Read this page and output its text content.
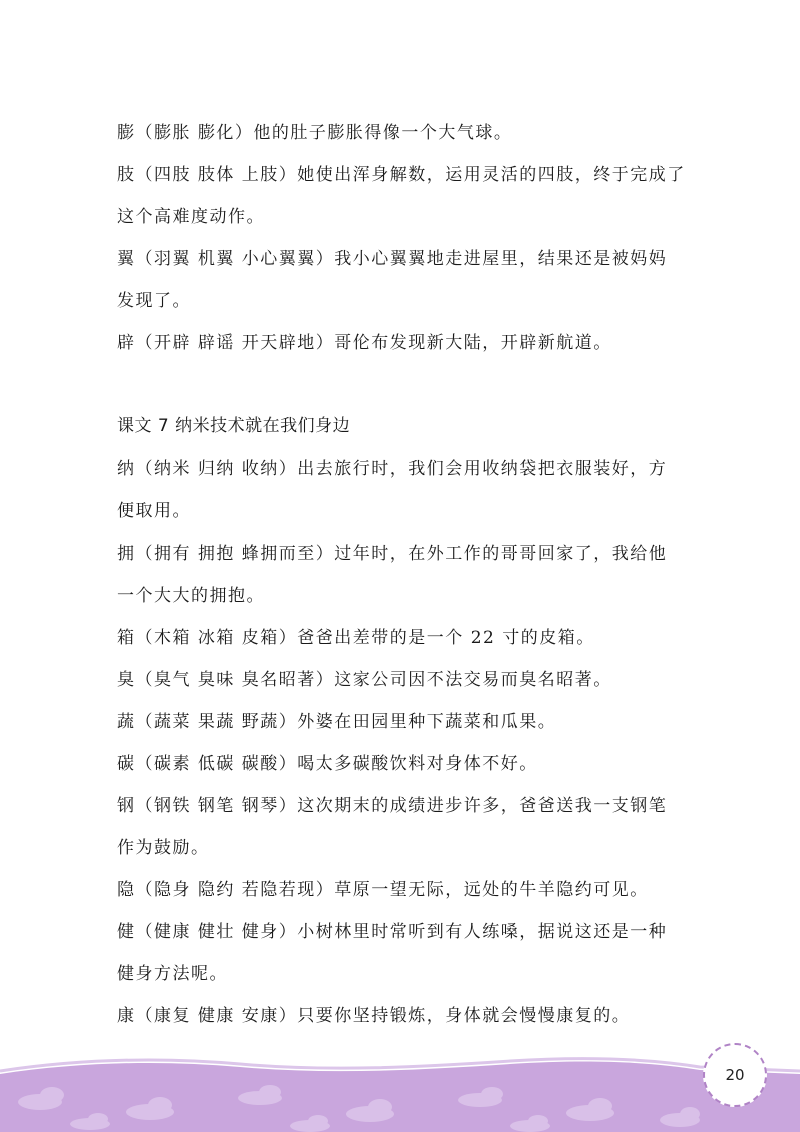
膨（膨胀 膨化）他的肚子膨胀得像一个大气球。

肢（四肢 肢体 上肢）她使出浑身解数，运用灵活的四肢，终于完成了

这个高难度动作。

翼（羽翼 机翼 小心翼翼）我小心翼翼地走进屋里，结果还是被妈妈

发现了。

辟（开辟 辟谣 开天辟地）哥伦布发现新大陆，开辟新航道。

课文 7 纳米技术就在我们身边

纳（纳米 归纳 收纳）出去旅行时，我们会用收纳袋把衣服装好，方

便取用。

拥（拥有 拥抱 蜂拥而至）过年时，在外工作的哥哥回家了，我给他

一个大大的拥抱。

箱（木箱 冰箱 皮箱）爸爸出差带的是一个 22 寸的皮箱。

臭（臭气 臭味 臭名昭著）这家公司因不法交易而臭名昭著。

蔬（蔬菜 果蔬 野蔬）外婆在田园里种下蔬菜和瓜果。

碳（碳素 低碳 碳酸）喝太多碳酸饮料对身体不好。

钢（钢铁 钢笔 钢琴）这次期末的成绩进步许多，爸爸送我一支钢笔

作为鼓励。

隐（隐身 隐约 若隐若现）草原一望无际，远处的牛羊隐约可见。

健（健康 健壮 健身）小树林里时常听到有人练嗓，据说这还是一种

健身方法呢。

康（康复 健康 安康）只要你坚持锻炼，身体就会慢慢康复的。

20
